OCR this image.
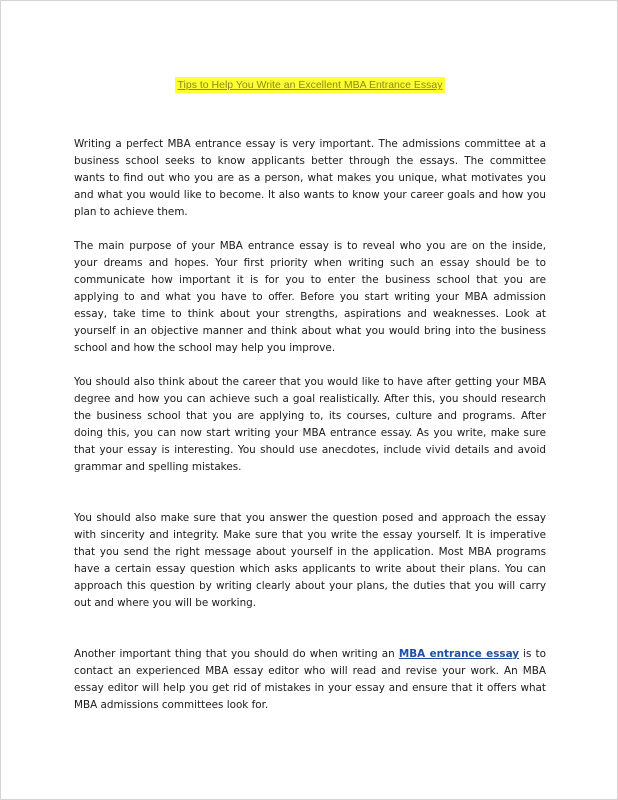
Tips to Help You Write an Excellent MBA Entrance Essay

Writing a perfect MBA entrance essay is very important. The admissions committee at a business school seeks to know applicants better through the essays. The committee wants to find out who you are as a person, what makes you unique, what motivates you and what you would like to become. It also wants to know your career goals and how you plan to achieve them.

The main purpose of your MBA entrance essay is to reveal who you are on the inside, your dreams and hopes. Your first priority when writing such an essay should be to communicate how important it is for you to enter the business school that you are applying to and what you have to offer. Before you start writing your MBA admission essay, take time to think about your strengths, aspirations and weaknesses. Look at yourself in an objective manner and think about what you would bring into the business school and how the school may help you improve.

You should also think about the career that you would like to have after getting your MBA degree and how you can achieve such a goal realistically. After this, you should research the business school that you are applying to, its courses, culture and programs. After doing this, you can now start writing your MBA entrance essay. As you write, make sure that your essay is interesting. You should use anecdotes, include vivid details and avoid grammar and spelling mistakes.

You should also make sure that you answer the question posed and approach the essay with sincerity and integrity. Make sure that you write the essay yourself. It is imperative that you send the right message about yourself in the application. Most MBA programs have a certain essay question which asks applicants to write about their plans. You can approach this question by writing clearly about your plans, the duties that you will carry out and where you will be working.

Another important thing that you should do when writing an MBA entrance essay is to contact an experienced MBA essay editor who will read and revise your work. An MBA essay editor will help you get rid of mistakes in your essay and ensure that it offers what MBA admissions committees look for.
